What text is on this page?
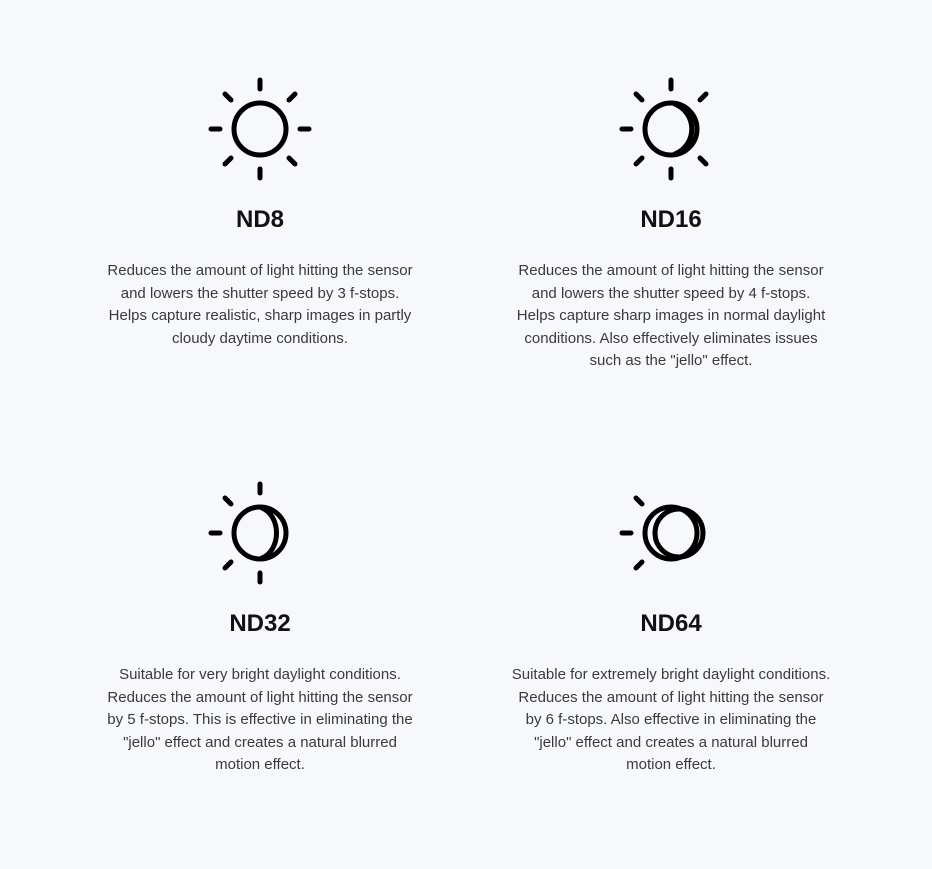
ND8
Reduces the amount of light hitting the sensor and lowers the shutter speed by 3 f-stops. Helps capture realistic, sharp images in partly cloudy daytime conditions.
ND16
Reduces the amount of light hitting the sensor and lowers the shutter speed by 4 f-stops. Helps capture sharp images in normal daylight conditions. Also effectively eliminates issues such as the "jello" effect.
ND32
Suitable for very bright daylight conditions. Reduces the amount of light hitting the sensor by 5 f-stops. This is effective in eliminating the "jello" effect and creates a natural blurred motion effect.
ND64
Suitable for extremely bright daylight conditions. Reduces the amount of light hitting the sensor by 6 f-stops. Also effective in eliminating the "jello" effect and creates a natural blurred motion effect.
